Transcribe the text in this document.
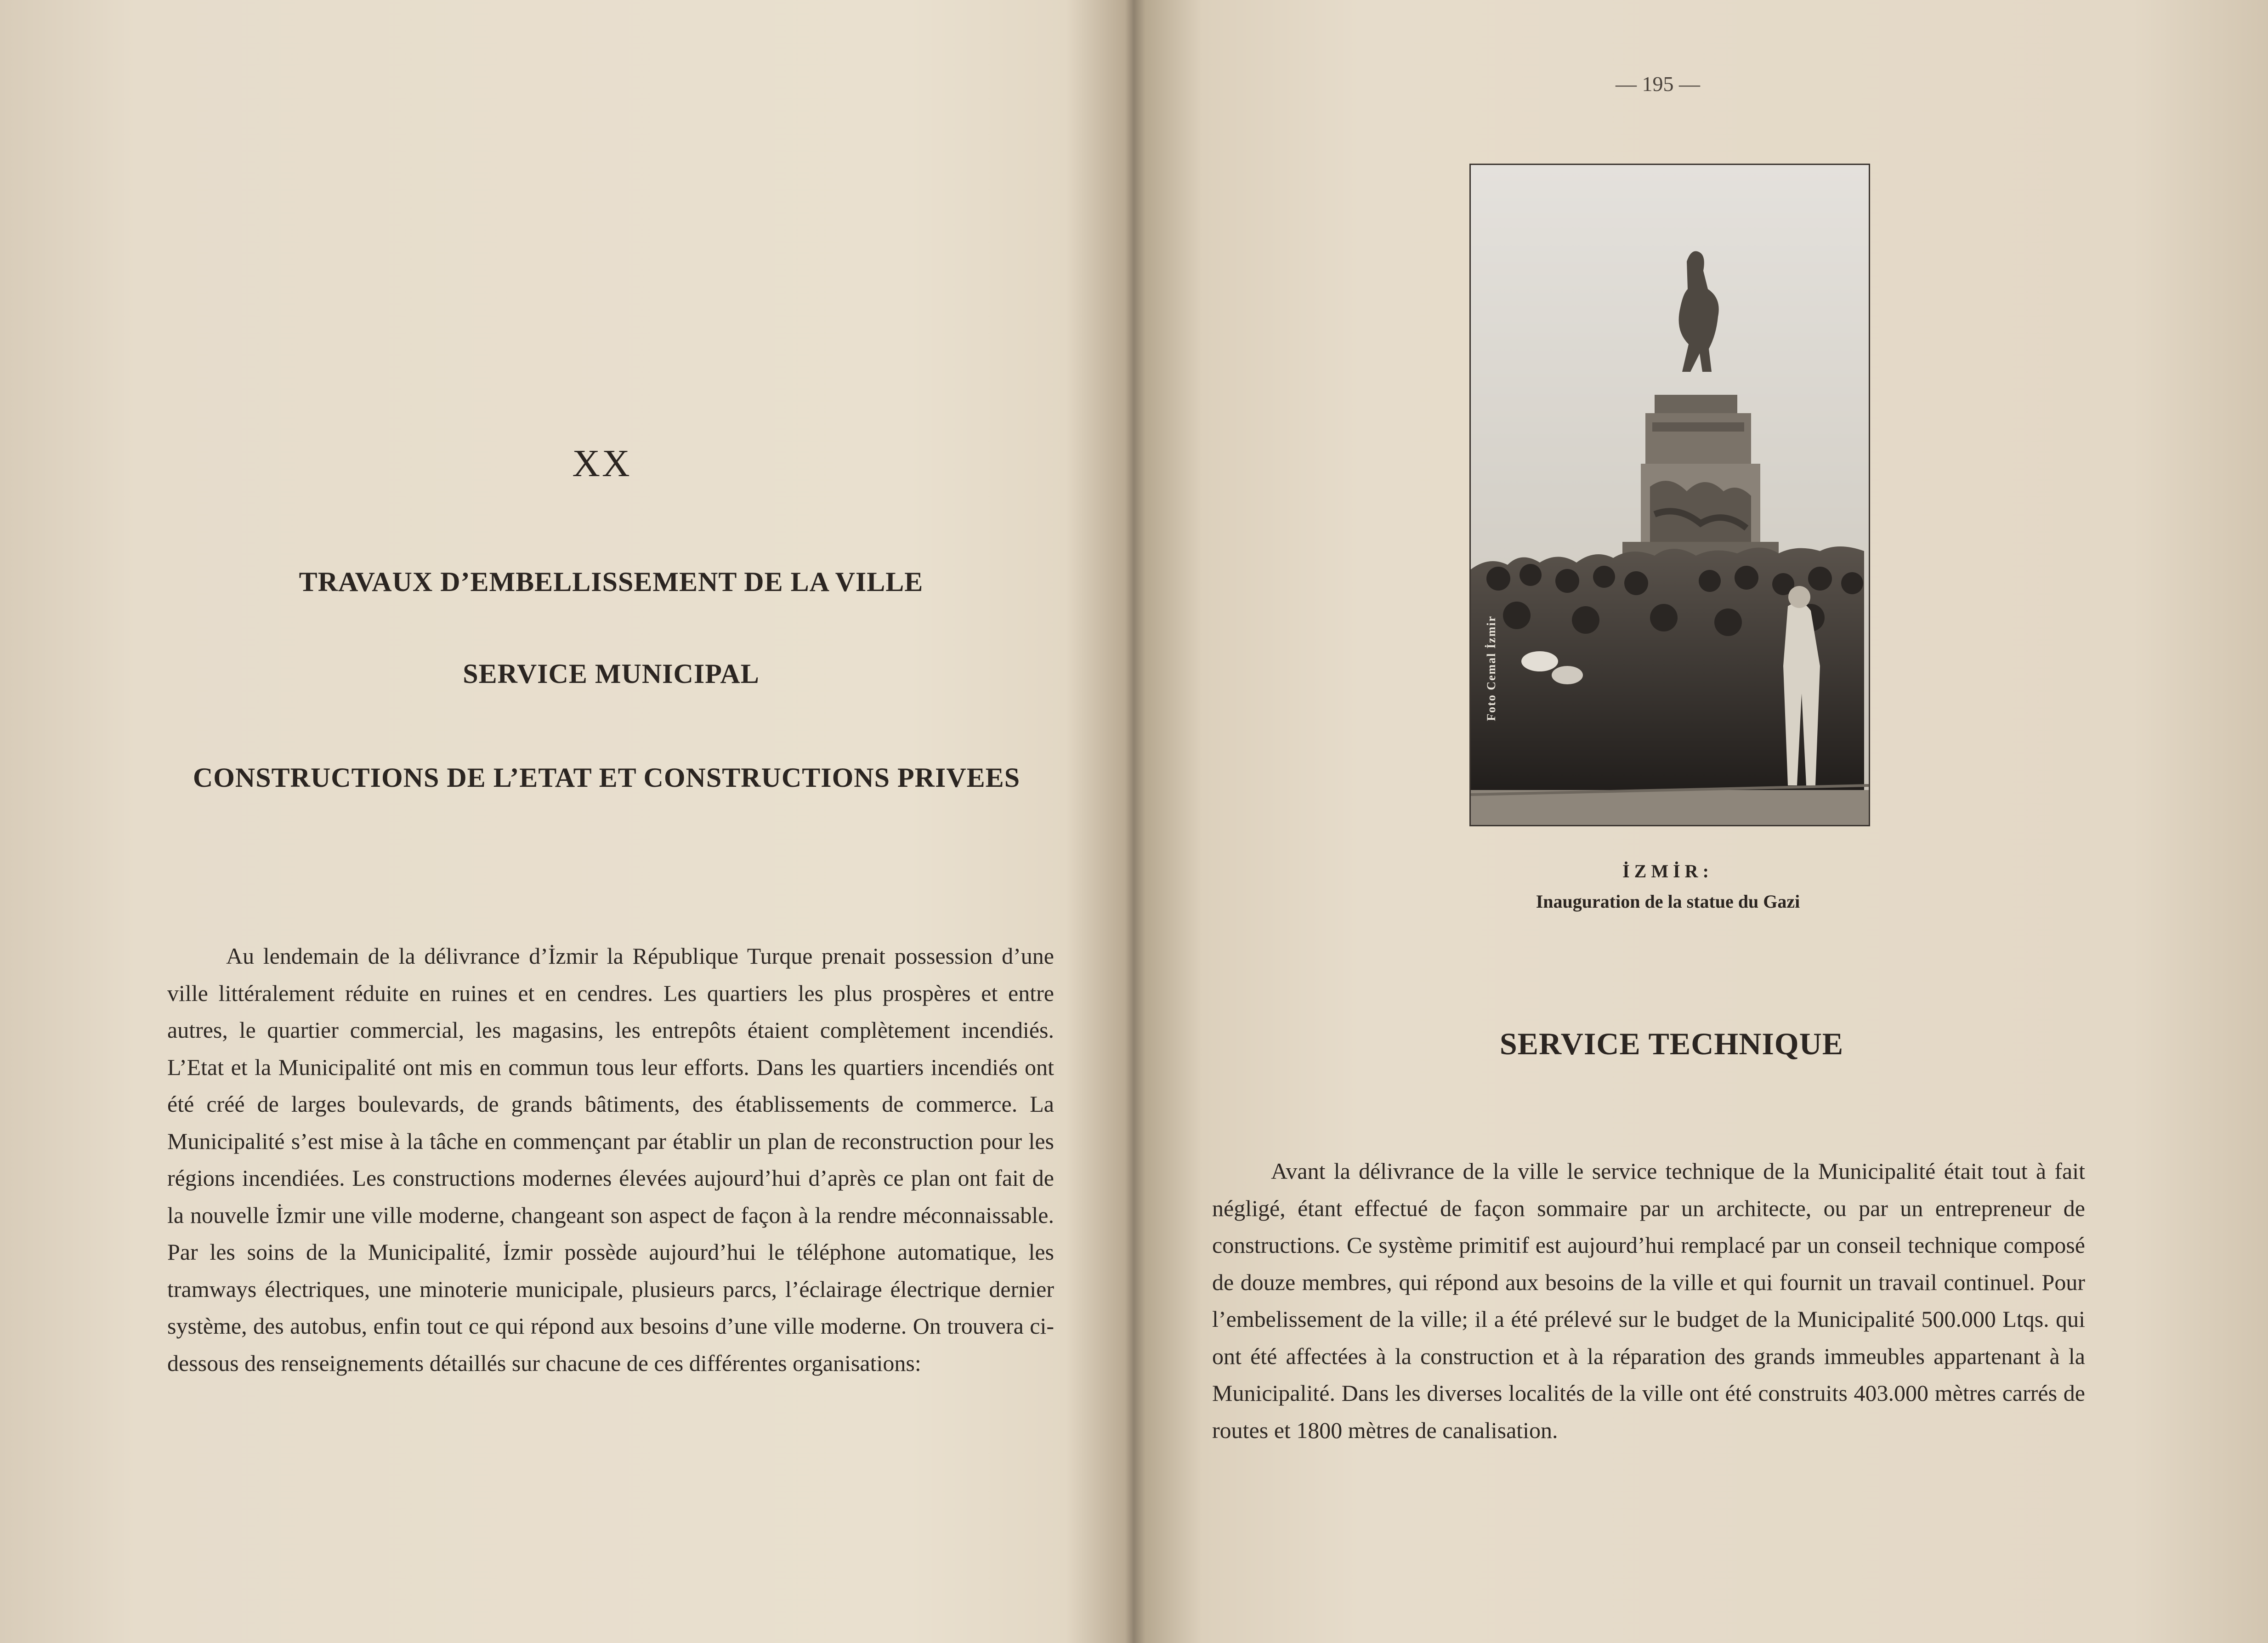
XX
TRAVAUX D’EMBELLISSEMENT DE LA VILLE
SERVICE MUNICIPAL
CONSTRUCTIONS DE L’ETAT ET CONSTRUCTIONS PRIVEES
Au lendemain de la délivrance d’İzmir la République Turque prenait possession d’une ville littéralement réduite en ruines et en cendres. Les quartiers les plus prospères et entre autres, le quartier commercial, les magasins, les entrepôts étaient complètement incendiés. L’Etat et la Municipalité ont mis en commun tous leur efforts. Dans les quartiers incendiés ont été créé de larges boulevards, de grands bâtiments, des établissements de commerce. La Municipalité s’est mise à la tâche en commençant par établir un plan de reconstruction pour les régions incendiées. Les constructions modernes élevées aujourd’hui d’après ce plan ont fait de la nouvelle İzmir une ville moderne, changeant son aspect de façon à la rendre méconnaissable. Par les soins de la Municipalité, İzmir possède aujourd’hui le téléphone automatique, les tramways électriques, une minoterie municipale, plusieurs parcs, l’éclairage électrique dernier système, des autobus, enfin tout ce qui répond aux besoins d’une ville moderne. On trouvera ci-dessous des renseignements détaillés sur chacune de ces différentes organisations:
— 195 —
Foto Cemal İzmir
İZMİR:
Inauguration de la statue du Gazi
SERVICE TECHNIQUE
Avant la délivrance de la ville le service technique de la Municipalité était tout à fait négligé, étant effectué de façon sommaire par un architecte, ou par un entrepreneur de constructions. Ce système primitif est aujourd’hui remplacé par un conseil technique composé de douze membres, qui répond aux besoins de la ville et qui fournit un travail continuel. Pour l’embelissement de la ville; il a été prélevé sur le budget de la Municipalité 500.000 Ltqs. qui ont été affectées à la construction et à la réparation des grands immeubles appartenant à la Municipalité. Dans les diverses localités de la ville ont été construits 403.000 mètres carrés de routes et 1800 mètres de canalisation.
